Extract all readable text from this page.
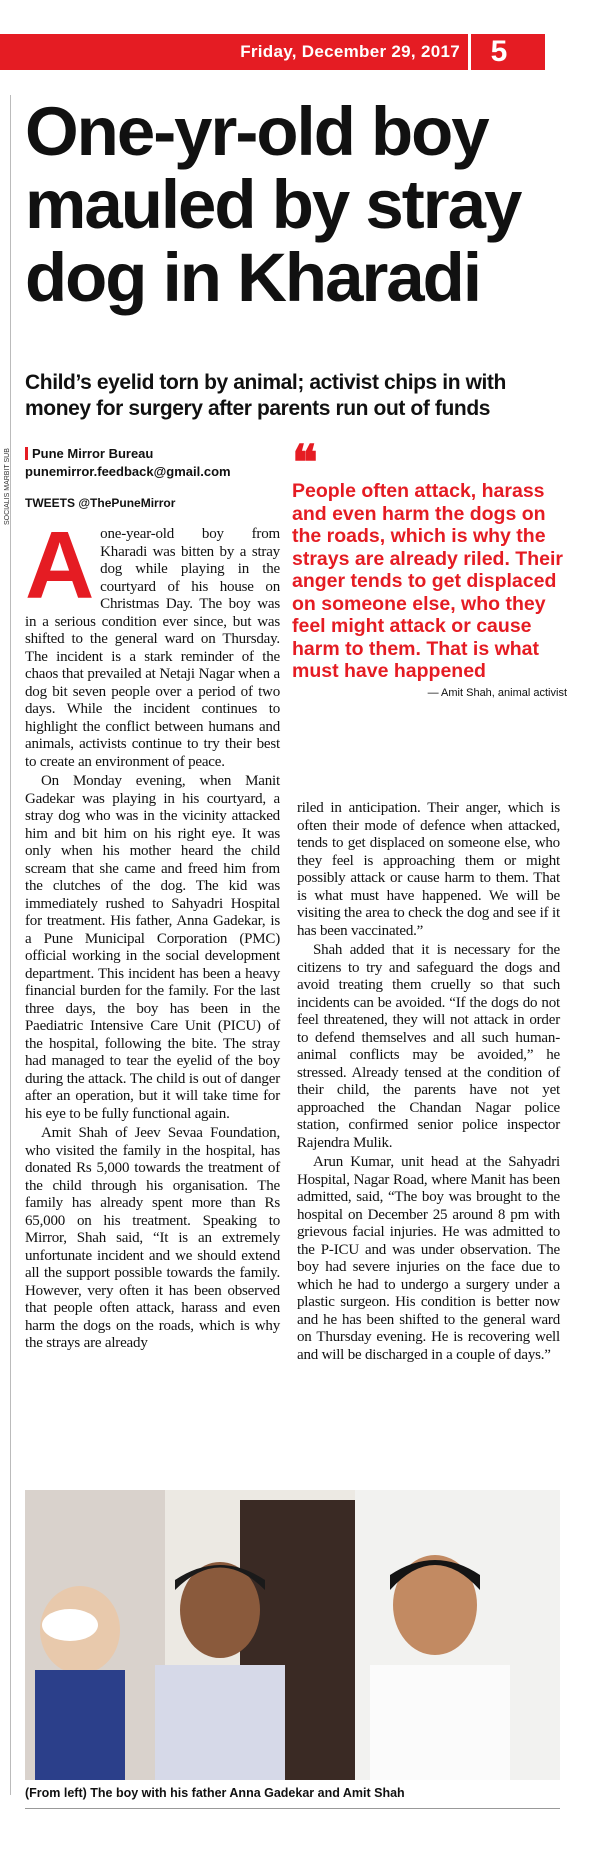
Friday, December 29, 2017	5
SOCIALIS MARBIT SUB
One-yr-old boy mauled by stray dog in Kharadi
Child’s eyelid torn by animal; activist chips in with money for surgery after parents run out of funds
Pune Mirror Bureau
punemirror.feedback@gmail.com
TWEETS @ThePuneMirror

Aone-year-old boy from Kharadi was bitten by a stray dog while playing in the courtyard of his house on Christmas Day. The boy was in a serious condition ever since, but was shifted to the general ward on Thursday. The incident is a stark reminder of the chaos that prevailed at Netaji Nagar when a dog bit seven people over a period of two days. While the incident continues to highlight the conflict between humans and animals, activists continue to try their best to create an environment of peace.

On Monday evening, when Manit Gadekar was playing in his courtyard, a stray dog who was in the vicinity attacked him and bit him on his right eye. It was only when his mother heard the child scream that she came and freed him from the clutches of the dog. The kid was immediately rushed to Sahyadri Hospital for treatment. His father, Anna Gadekar, is a Pune Municipal Corporation (PMC) official working in the social development department. This incident has been a heavy financial burden for the family. For the last three days, the boy has been in the Paediatric Intensive Care Unit (PICU) of the hospital, following the bite. The stray had managed to tear the eyelid of the boy during the attack. The child is out of danger after an operation, but it will take time for his eye to be fully functional again.

Amit Shah of Jeev Sevaa Foundation, who visited the family in the hospital, has donated Rs 5,000 towards the treatment of the child through his organisation. The family has already spent more than Rs 65,000 on his treatment. Speaking to Mirror, Shah said, “It is an extremely unfortunate incident and we should extend all the support possible towards the family. However, very often it has been observed that people often attack, harass and even harm the dogs on the roads, which is why the strays are already

❝
People often attack, harass and even harm the dogs on the roads, which is why the strays are already riled. Their anger tends to get displaced on someone else, who they feel might attack or cause harm to them. That is what must have happened
— Amit Shah, animal activist

riled in anticipation. Their anger, which is often their mode of defence when attacked, tends to get displaced on someone else, who they feel is approaching them or might possibly attack or cause harm to them. That is what must have happened. We will be visiting the area to check the dog and see if it has been vaccinated.”

Shah added that it is necessary for the citizens to try and safeguard the dogs and avoid treating them cruelly so that such incidents can be avoided. “If the dogs do not feel threatened, they will not attack in order to defend themselves and all such human-animal conflicts may be avoided,” he stressed. Already tensed at the condition of their child, the parents have not yet approached the Chandan Nagar police station, confirmed senior police inspector Rajendra Mulik.

Arun Kumar, unit head at the Sahyadri Hospital, Nagar Road, where Manit has been admitted, said, “The boy was brought to the hospital on December 25 around 8 pm with grievous facial injuries. He was admitted to the P-ICU and was under observation. The boy had severe injuries on the face due to which he had to undergo a surgery under a plastic surgeon. His condition is better now and he has been shifted to the general ward on Thursday evening. He is recovering well and will be discharged in a couple of days.”

(From left) The boy with his father Anna Gadekar and Amit Shah
